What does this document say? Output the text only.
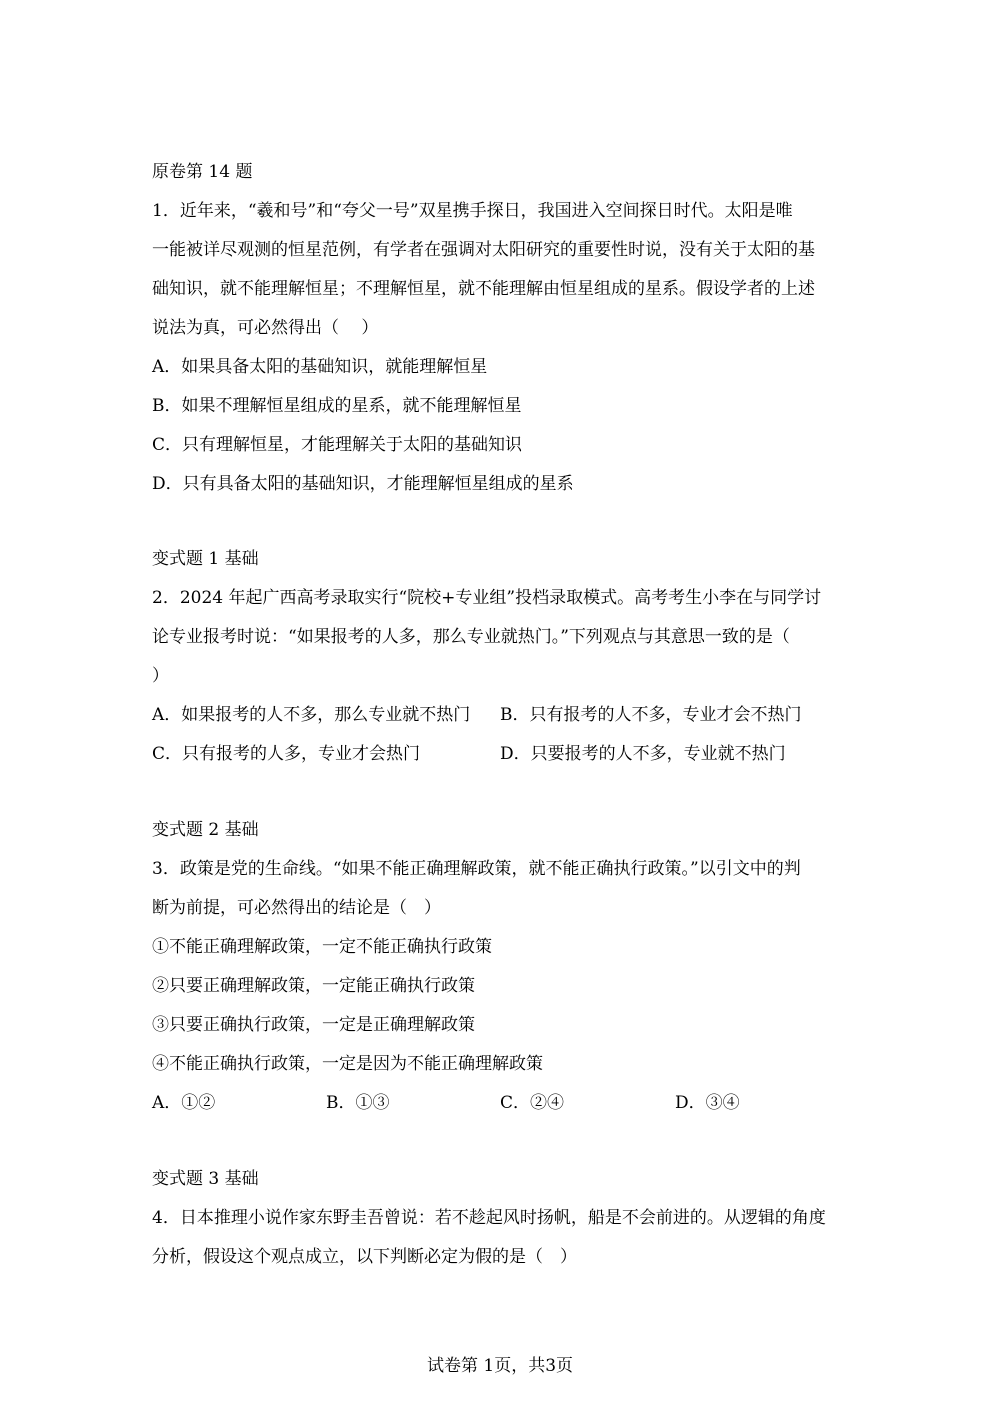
原卷第 14 题
1．近年来，“羲和号”和“夸父一号”双星携手探日，我国进入空间探日时代。太阳是唯
一能被详尽观测的恒星范例，有学者在强调对太阳研究的重要性时说，没有关于太阳的基
础知识，就不能理解恒星；不理解恒星，就不能理解由恒星组成的星系。假设学者的上述
说法为真，可必然得出（　 ）
A．如果具备太阳的基础知识，就能理解恒星
B．如果不理解恒星组成的星系，就不能理解恒星
C．只有理解恒星，才能理解关于太阳的基础知识
D．只有具备太阳的基础知识，才能理解恒星组成的星系
变式题 1 基础
2．2024 年起广西高考录取实行“院校+专业组”投档录取模式。高考考生小李在与同学讨
论专业报考时说：“如果报考的人多，那么专业就热门。”下列观点与其意思一致的是（
）
A．如果报考的人不多，那么专业就不热门 B．只有报考的人不多，专业才会不热门
C．只有报考的人多，专业才会热门	D．只要报考的人不多，专业就不热门
变式题 2 基础
3．政策是党的生命线。“如果不能正确理解政策，就不能正确执行政策。”以引文中的判
断为前提，可必然得出的结论是（　）
①不能正确理解政策，一定不能正确执行政策
②只要正确理解政策，一定能正确执行政策
③只要正确执行政策，一定是正确理解政策
④不能正确执行政策，一定是因为不能正确理解政策
A．①②	B．①③	C．②④	D．③④
变式题 3 基础
4．日本推理小说作家东野圭吾曾说：若不趁起风时扬帆，船是不会前进的。从逻辑的角度
分析，假设这个观点成立，以下判断必定为假的是（　）
试卷第 1页，共3页
